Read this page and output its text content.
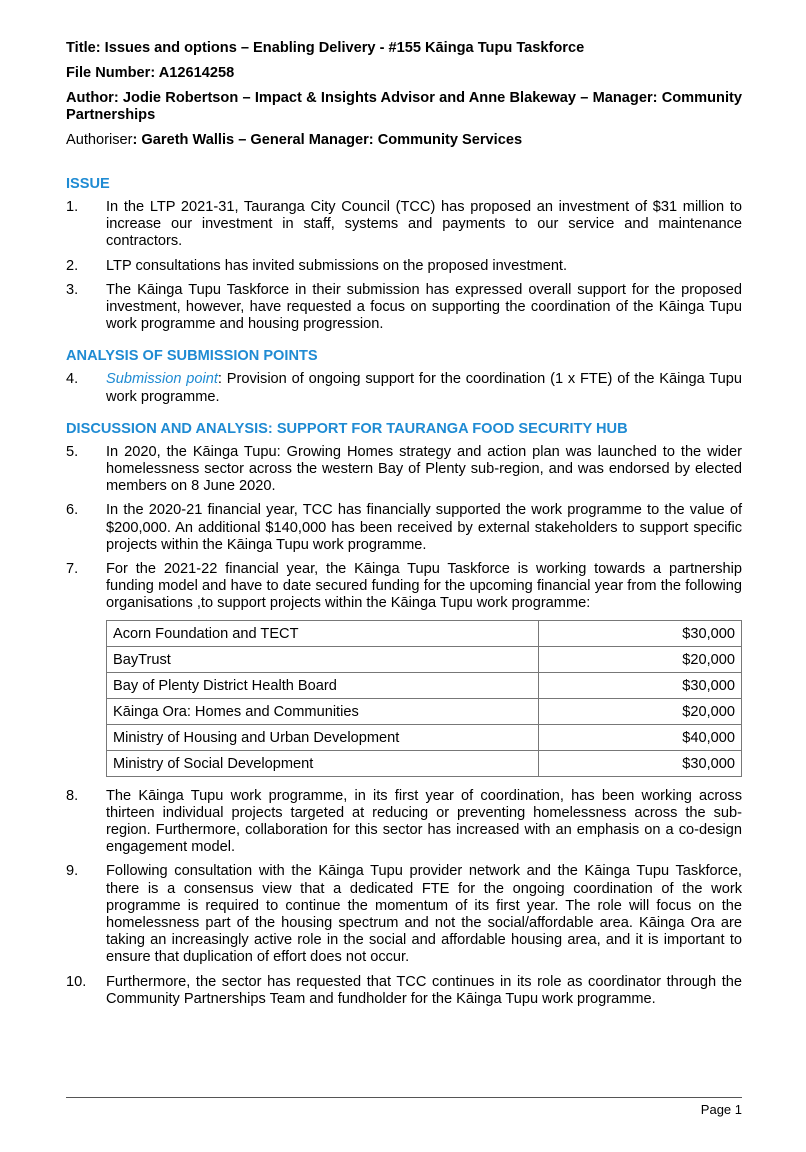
Title: Issues and options – Enabling Delivery - #155 Kāinga Tupu Taskforce
File Number: A12614258
Author: Jodie Robertson – Impact & Insights Advisor and Anne Blakeway – Manager: Community Partnerships
Authoriser: Gareth Wallis – General Manager: Community Services
ISSUE
1.	In the LTP 2021-31, Tauranga City Council (TCC) has proposed an investment of $31 million to increase our investment in staff, systems and payments to our service and maintenance contractors.
2.	LTP consultations has invited submissions on the proposed investment.
3.	The Kāinga Tupu Taskforce in their submission has expressed overall support for the proposed investment, however, have requested a focus on supporting the coordination of the Kāinga Tupu work programme and housing progression.
ANALYSIS OF SUBMISSION POINTS
4.	Submission point: Provision of ongoing support for the coordination (1 x FTE) of the Kāinga Tupu work programme.
DISCUSSION AND ANALYSIS: SUPPORT FOR TAURANGA FOOD SECURITY HUB
5.	In 2020, the Kāinga Tupu: Growing Homes strategy and action plan was launched to the wider homelessness sector across the western Bay of Plenty sub-region, and was endorsed by elected members on 8 June 2020.
6.	In the 2020-21 financial year, TCC has financially supported the work programme to the value of $200,000. An additional $140,000 has been received by external stakeholders to support specific projects within the Kāinga Tupu work programme.
7.	For the 2021-22 financial year, the Kāinga Tupu Taskforce is working towards a partnership funding model and have to date secured funding for the upcoming financial year from the following organisations ,to support projects within the Kāinga Tupu work programme:
Acorn Foundation and TECT	$30,000
BayTrust	$20,000
Bay of Plenty District Health Board	$30,000
Kāinga Ora: Homes and Communities	$20,000
Ministry of Housing and Urban Development	$40,000
Ministry of Social Development	$30,000
8.	The Kāinga Tupu work programme, in its first year of coordination, has been working across thirteen individual projects targeted at reducing or preventing homelessness across the sub-region. Furthermore, collaboration for this sector has increased with an emphasis on a co-design engagement model.
9.	Following consultation with the Kāinga Tupu provider network and the Kāinga Tupu Taskforce, there is a consensus view that a dedicated FTE for the ongoing coordination of the work programme is required to continue the momentum of its first year. The role will focus on the homelessness part of the housing spectrum and not the social/affordable area. Kāinga Ora are taking an increasingly active role in the social and affordable housing area, and it is important to ensure that duplication of effort does not occur.
10.	Furthermore, the sector has requested that TCC continues in its role as coordinator through the Community Partnerships Team and fundholder for the Kāinga Tupu work programme.
Page 1
